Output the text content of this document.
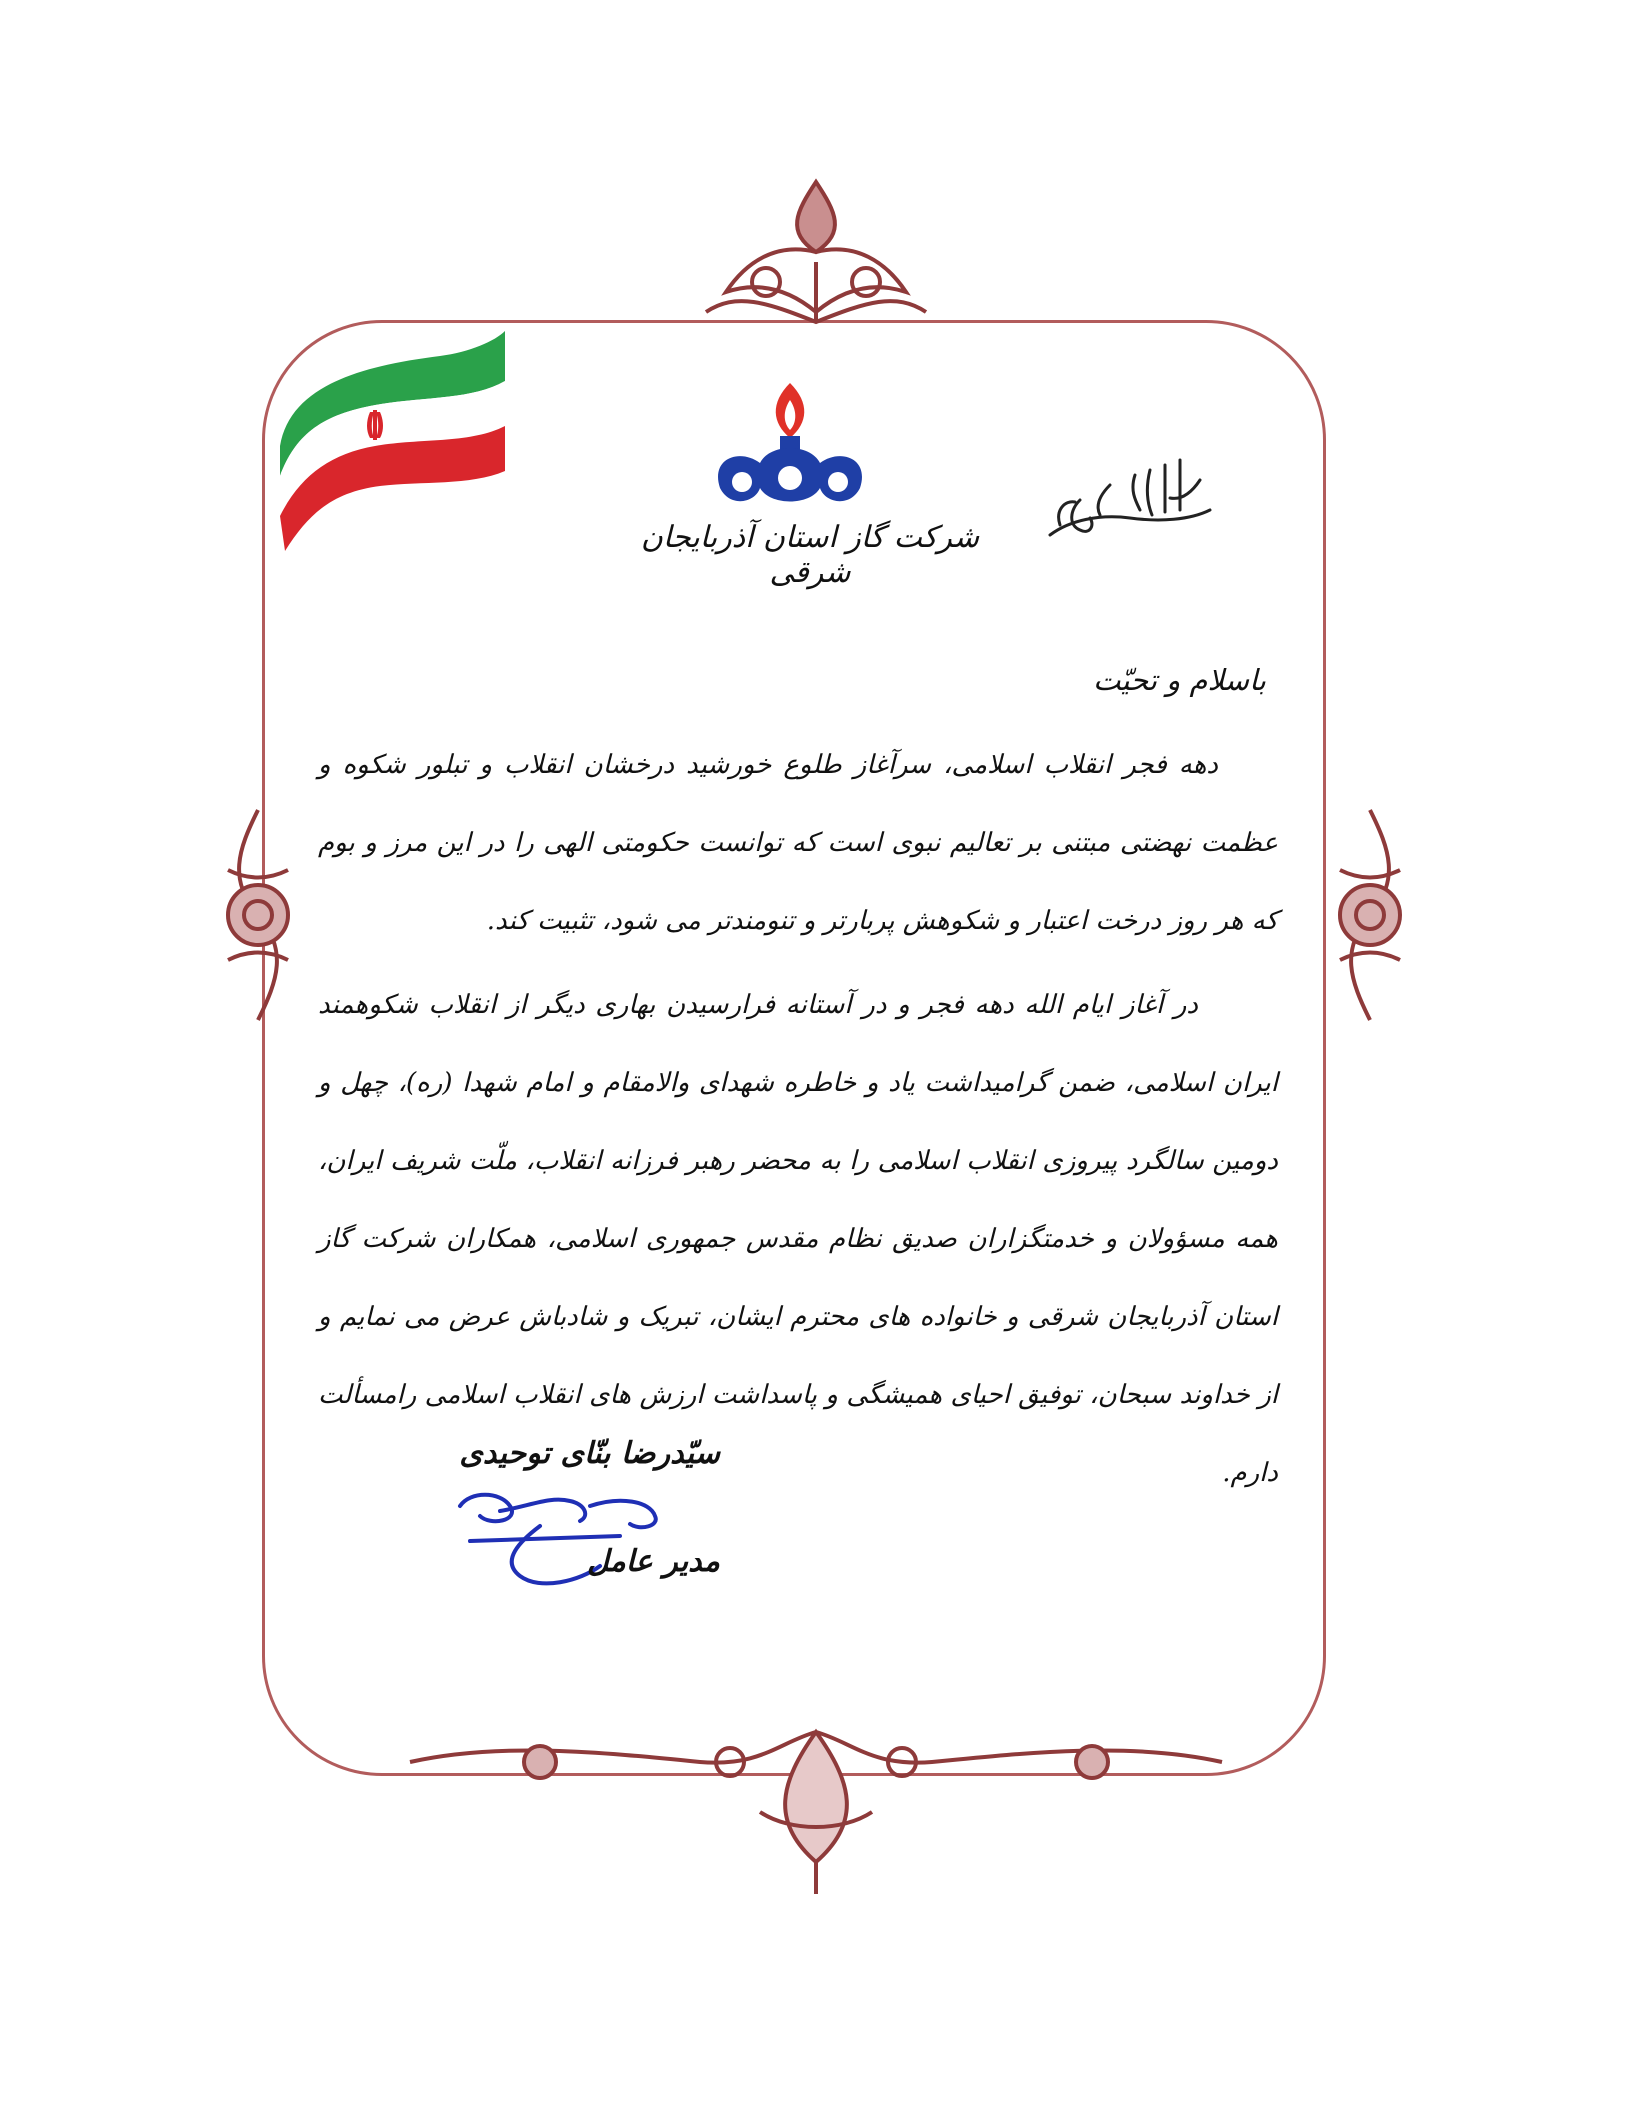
شرکت گاز استان آذربایجان شرقی
باسلام و تحیّت

دهه فجر انقلاب اسلامی، سرآغاز طلوع خورشید درخشان انقلاب و تبلور شکوه و عظمت نهضتی مبتنی بر تعالیم نبوی است که توانست حکومتی الهی را در این مرز و بوم که هر روز درخت اعتبار و شکوهش پربارتر و تنومندتر می شود، تثبیت کند.

در آغاز ایام الله دهه فجر و در آستانه فرارسیدن بهاری دیگر از انقلاب شکوهمند ایران اسلامی، ضمن گرامیداشت یاد و خاطره شهدای والامقام و امام شهدا (ره)، چهل و دومین سالگرد پیروزی انقلاب اسلامی را به محضر رهبر فرزانه انقلاب، ملّت شریف ایران، همه مسؤولان و خدمتگزاران صدیق نظام مقدس جمهوری اسلامی، همکاران شرکت گاز استان آذربایجان شرقی و خانواده های محترم ایشان، تبریک و شادباش عرض می نمایم و از خداوند سبحان، توفیق احیای همیشگی و پاسداشت ارزش های انقلاب اسلامی رامسألت دارم.

سیّدرضا بنّای توحیدی
مدیر عامل
